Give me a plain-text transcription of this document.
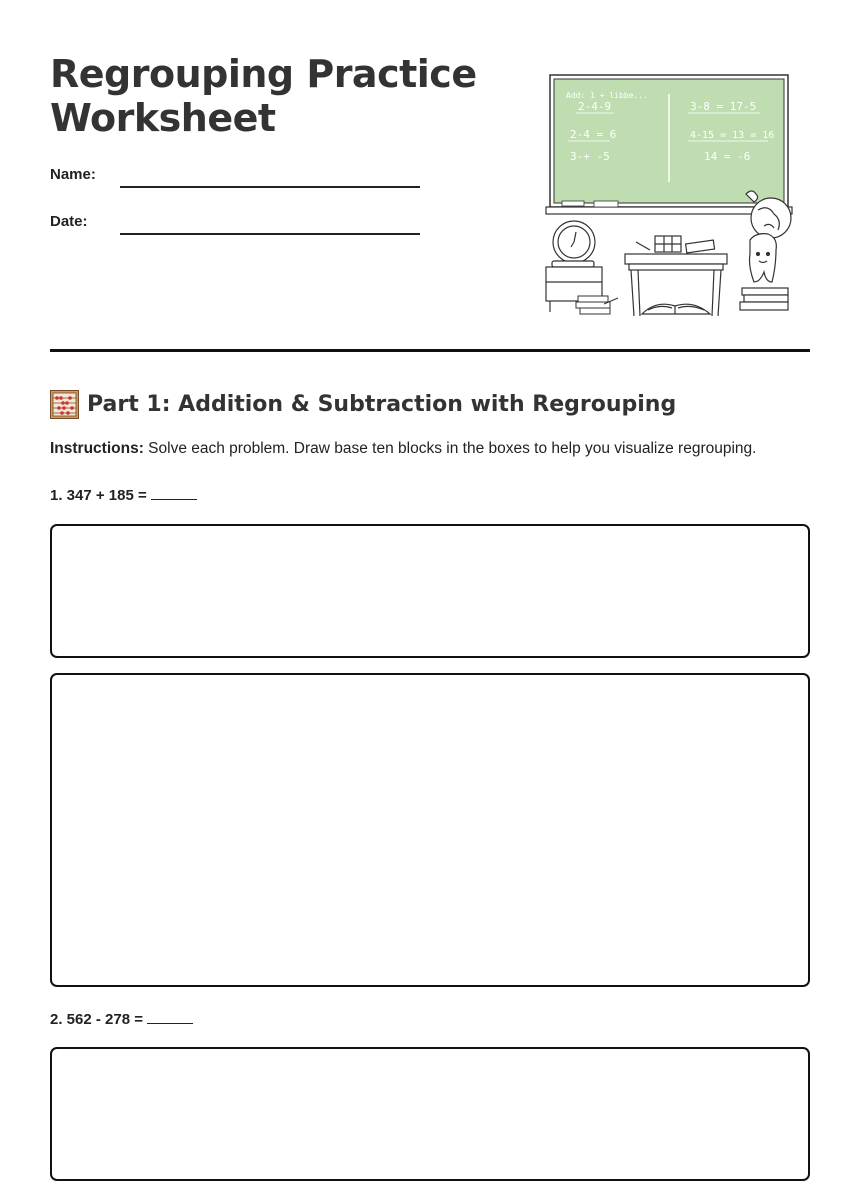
Regrouping Practice Worksheet
Name:
Date:
Add: 1 + libbe...
2-4-9
2-4 = 6
3-+ -5
3-8 = 17-5
4-15 = 13 = 16
14 = -6
Part 1: Addition & Subtraction with Regrouping
Instructions: Solve each problem. Draw base ten blocks in the boxes to help you visualize regrouping.
1. 347 + 185 =
2. 562 - 278 =
